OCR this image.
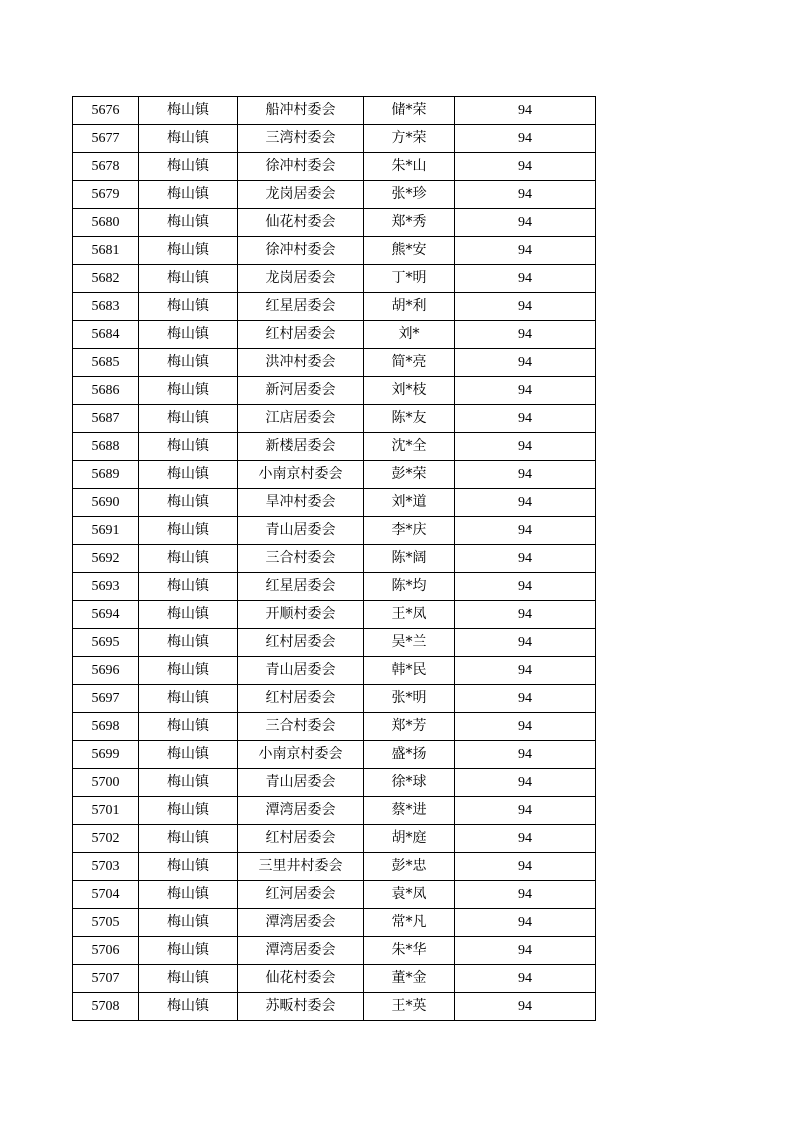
5676	梅山镇	船冲村委会	储*荣	94
5677	梅山镇	三湾村委会	方*荣	94
5678	梅山镇	徐冲村委会	朱*山	94
5679	梅山镇	龙岗居委会	张*珍	94
5680	梅山镇	仙花村委会	郑*秀	94
5681	梅山镇	徐冲村委会	熊*安	94
5682	梅山镇	龙岗居委会	丁*明	94
5683	梅山镇	红星居委会	胡*利	94
5684	梅山镇	红村居委会	刘*	94
5685	梅山镇	洪冲村委会	简*亮	94
5686	梅山镇	新河居委会	刘*枝	94
5687	梅山镇	江店居委会	陈*友	94
5688	梅山镇	新楼居委会	沈*全	94
5689	梅山镇	小南京村委会	彭*荣	94
5690	梅山镇	旱冲村委会	刘*道	94
5691	梅山镇	青山居委会	李*庆	94
5692	梅山镇	三合村委会	陈*阔	94
5693	梅山镇	红星居委会	陈*均	94
5694	梅山镇	开顺村委会	王*凤	94
5695	梅山镇	红村居委会	吴*兰	94
5696	梅山镇	青山居委会	韩*民	94
5697	梅山镇	红村居委会	张*明	94
5698	梅山镇	三合村委会	郑*芳	94
5699	梅山镇	小南京村委会	盛*扬	94
5700	梅山镇	青山居委会	徐*球	94
5701	梅山镇	潭湾居委会	蔡*进	94
5702	梅山镇	红村居委会	胡*庭	94
5703	梅山镇	三里井村委会	彭*忠	94
5704	梅山镇	红河居委会	袁*凤	94
5705	梅山镇	潭湾居委会	常*凡	94
5706	梅山镇	潭湾居委会	朱*华	94
5707	梅山镇	仙花村委会	董*金	94
5708	梅山镇	苏畈村委会	王*英	94
